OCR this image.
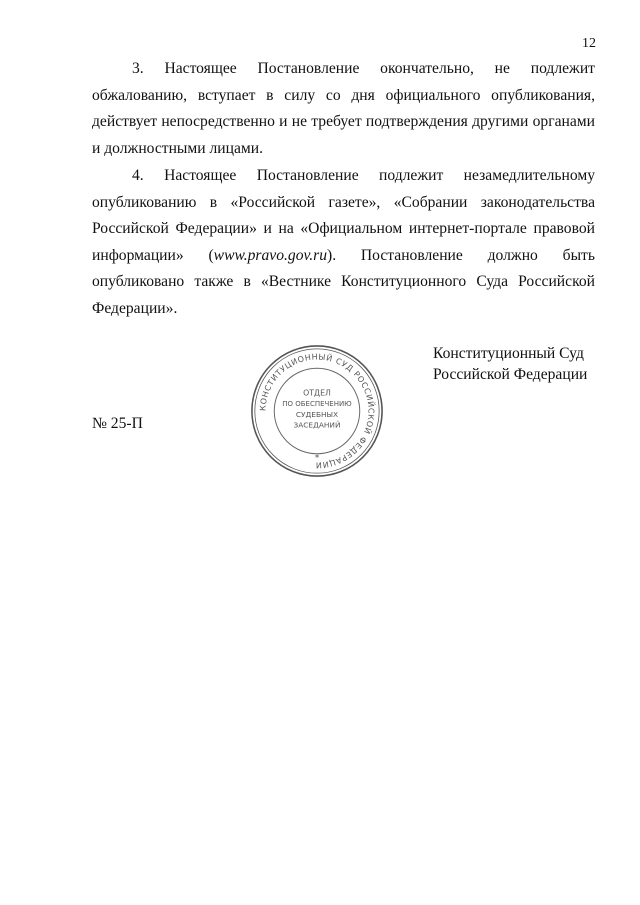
12

3. Настоящее Постановление окончательно, не подлежит обжалованию, вступает в силу со дня официального опубликования, действует непосредственно и не требует подтверждения другими органами и должностными лицами.

4. Настоящее Постановление подлежит незамедлительному опубликованию в «Российской газете», «Собрании законодательства Российской Федерации» и на «Официальном интернет-портале правовой информации» (www.pravo.gov.ru). Постановление должно быть опубликовано также в «Вестнике Конституционного Суда Российской Федерации».

КОНСТИТУЦИОННЫЙ СУД РОССИЙСКОЙ ФЕДЕРАЦИИ
ОТДЕЛ
ПО ОБЕСПЕЧЕНИЮ
СУДЕБНЫХ
ЗАСЕДАНИЙ
*
Конституционный Суд
Российской Федерации
№ 25-П
